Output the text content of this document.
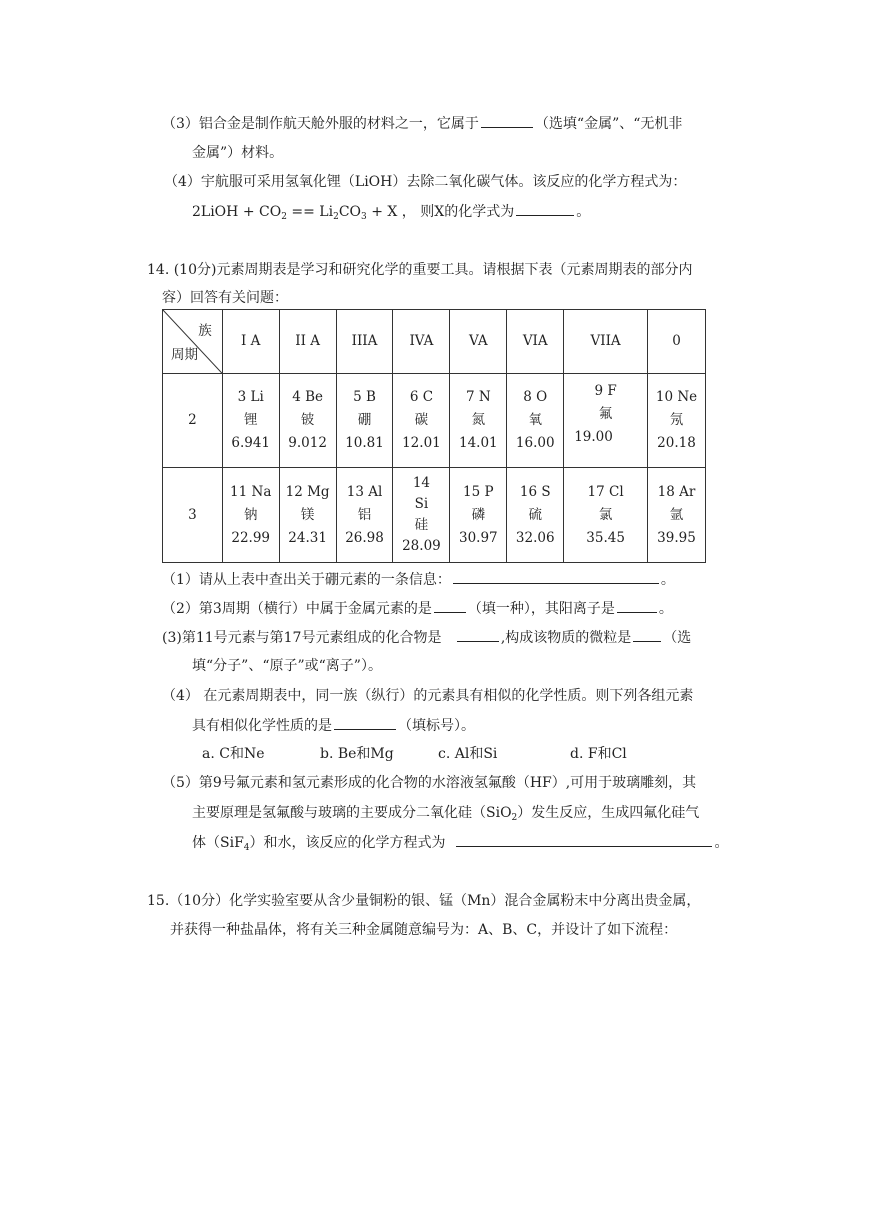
（3）铝合金是制作航天舱外服的材料之一，它属于	（选填“金属”、“无机非
金属”）材料。
（4）宇航服可采用氢氧化锂（LiOH）去除二氧化碳气体。该反应的化学方程式为：
2LiOH + $CO_2 == Li_2CO_3 + X$ ， 则X的化学式为	。
14. (10分)元素周期表是学习和研究化学的重要工具。请根据下表（元素周期表的部分内
容）回答有关问题：
族
周期	I A	II A	IIIA	IVA	VA	VIA	VIIA	0
2	3 Li
锂
6.941	4 Be
铍
9.012	5 B
硼
10.81	6 C
碳
12.01	7 N
氮
14.01	8 O
氧
16.00	9 F
氟
19.00	10 Ne
氖
20.18

3	11 Na
钠
22.99	12 Mg
镁
24.31	13 Al
铝
26.98	14
Si
硅
28.09	15 P
磷
30.97	16 S
硫
32.06	17 Cl
氯
35.45	18 Ar
氩
39.95
（1）请从上表中查出关于硼元素的一条信息：	。
（2）第3周期（横行）中属于金属元素的是	（填一种），其阳离子是	。
(3)第11号元素与第17号元素组成的化合物是	,构成该物质的微粒是 （选
填“分子”、“原子”或“离子”）。
（4） 在元素周期表中，同一族（纵行）的元素具有相似的化学性质。则下列各组元素
具有相似化学性质的是	（填标号）。
a. C和Ne	b. Be和Mg	c. Al和Si	d. F和Cl
（5）第9号氟元素和氢元素形成的化合物的水溶液氢氟酸（HF）,可用于玻璃雕刻，其
主要原理是氢氟酸与玻璃的主要成分二氧化硅（SiO$_2$）发生反应，生成四氟化硅气
体（SiF$_4$）和水，该反应的化学方程式为	。
15.（10分）化学实验室要从含少量铜粉的银、锰（Mn）混合金属粉末中分离出贵金属，
并获得一种盐晶体，将有关三种金属随意编号为：A、B、C，并设计了如下流程：
